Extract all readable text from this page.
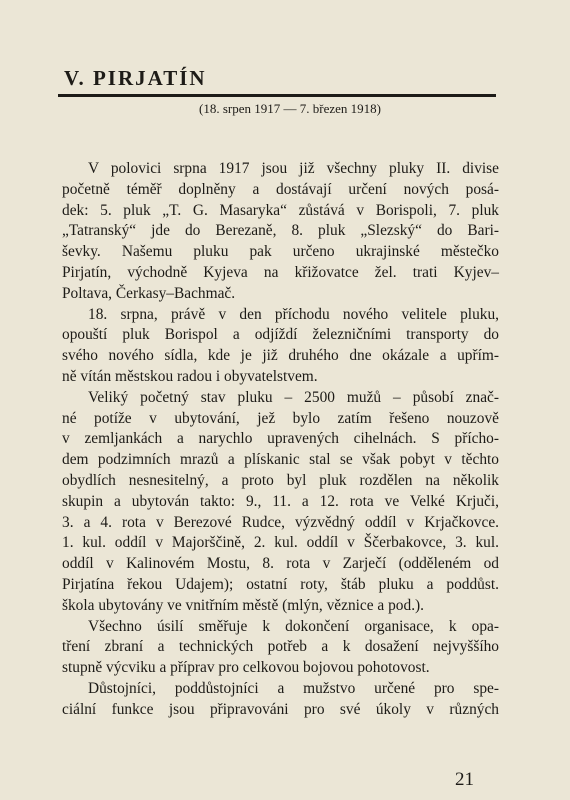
V. PIRJATÍN
(18. srpen 1917 — 7. březen 1918)
V polovici srpna 1917 jsou již všechny pluky II. divise
početně téměř doplněny a dostávají určení nových posá-
dek: 5. pluk „T. G. Masaryka“ zůstává v Borispoli, 7. pluk
„Tatranský“ jde do Berezaně, 8. pluk „Slezský“ do Bari-
ševky. Našemu pluku pak určeno ukrajinské městečko
Pirjatín, východně Kyjeva na křižovatce žel. trati Kyjev–
Poltava, Čerkasy–Bachmač.
18. srpna, právě v den příchodu nového velitele pluku,
opouští pluk Borispol a odjíždí železničními transporty do
svého nového sídla, kde je již druhého dne okázale a upřím-
ně vítán městskou radou i obyvatelstvem.
Veliký početný stav pluku – 2500 mužů – působí znač-
né potíže v ubytování, jež bylo zatím řešeno nouzově
v zemljankách a narychlo upravených cihelnách. S přícho-
dem podzimních mrazů a plískanic stal se však pobyt v těchto
obydlích nesnesitelný, a proto byl pluk rozdělen na několik
skupin a ubytován takto: 9., 11. a 12. rota ve Velké Krjuči,
3. a 4. rota v Berezové Rudce, výzvědný oddíl v Krjačkovce.
1. kul. oddíl v Majorščině, 2. kul. oddíl v Ščerbakovce, 3. kul.
oddíl v Kalinovém Mostu, 8. rota v Zarječí (odděleném od
Pirjatína řekou Udajem); ostatní roty, štáb pluku a poddůst.
škola ubytovány ve vnitřním městě (mlýn, věznice a pod.).
Všechno úsilí směřuje k dokončení organisace, k opa-
tření zbraní a technických potřeb a k dosažení nejvyššího
stupně výcviku a příprav pro celkovou bojovou pohotovost.
Důstojníci, poddůstojníci a mužstvo určené pro spe-
ciální funkce jsou připravováni pro své úkoly v různých
21
